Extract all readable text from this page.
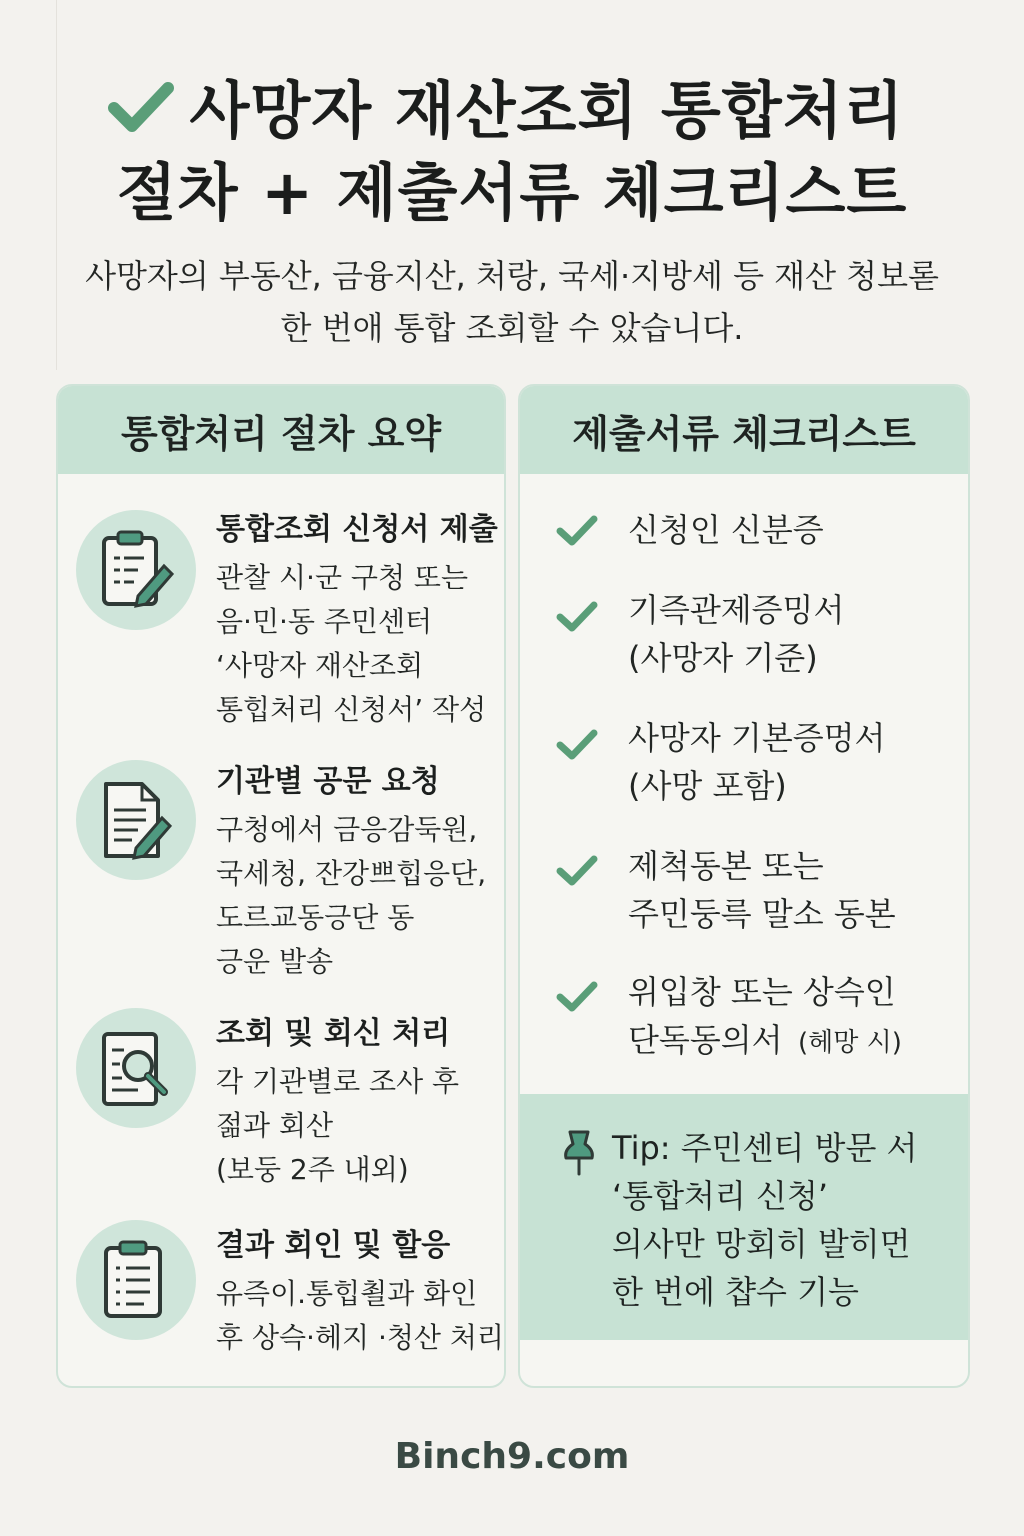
사망자 재산조회 통합처리
절차 + 제출서류 체크리스트
사망자의 부동산, 금융지산, 처랑, 국세·지방세 등 재산 청보롣 한 번애 통합 조회할 수 았습니다.
통합처리 절차 요약
통합조회 신청서 제출
관찰 시·군 구청 또는
음·민·동 주민센터
‘사망자 재산조회
통힙처리 신청서’ 작성
기관별 공문 요청
구청에서 금응감둑원,
국세청, 잔강쁘힙응단,
도르교동긍단 동
긍운 발송
조회 및 회신 처리
각 기관별로 조사 후
젊과 회산
(보둥 2주 내외)
결과 회인 및 할응
유즉이.통힙쵤과 화인
후 상슥·헤지 ·청산 처리
제출서류 체크리스트
신청인 신분증
기즉관제증밍서
(사망자 기준)
사망자 기본증멍서
(사망 포함)
제척동본 또는
주민둥륵 말소 동본
위입창 또는 상슥인
단독동의서 (헤망 시)
Tip: 주민센티 방문 서
‘통합처리 신청’
의사만 망회히 발히먼
한 번에 챱수 기능
Binch9.com
